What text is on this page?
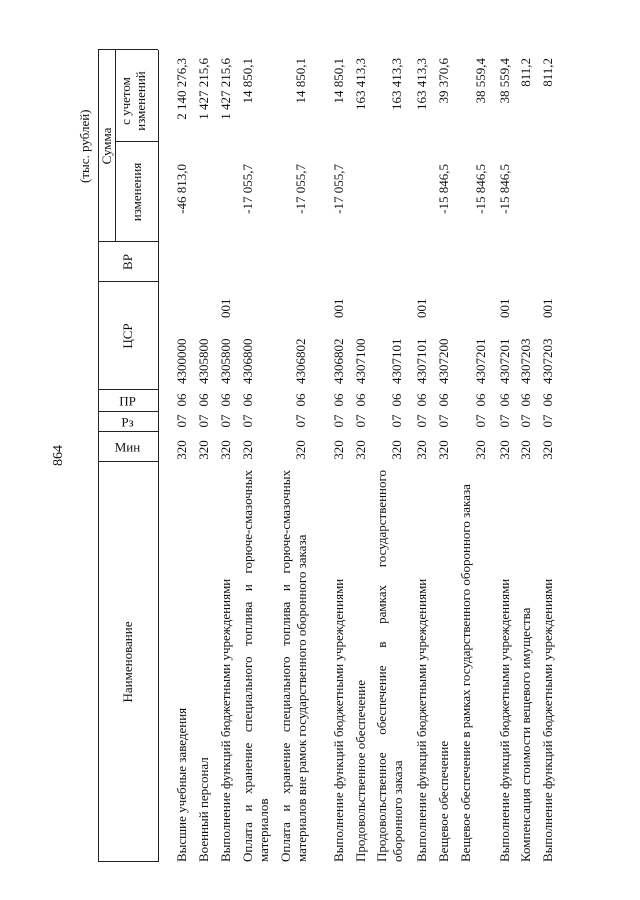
864
(тыс. рублей)
Наименование
Мин
Рз
ПР
ЦСР
ВР
Сумма
изменения
с учетом изменений
Высшие учебные заведения
320
07
06
4300000
-46 813,0
2 140 276,3
Военный персонал
320
07
06
4305800
1 427 215,6
Выполнение функций бюджетными учреждениями
320
07
06
4305800
001
1 427 215,6
Оплата и хранение специального топлива и горюче-смазочных материалов
320
07
06
4306800
-17 055,7
14 850,1
Оплата и хранение специального топлива и горюче-смазочных материалов вне рамок государственного оборонного заказа
320
07
06
4306802
-17 055,7
14 850,1
Выполнение функций бюджетными учреждениями
320
07
06
4306802
001
-17 055,7
14 850,1
Продовольственное обеспечение
320
07
06
4307100
163 413,3
Продовольственное обеспечение в рамках государственного оборонного заказа
320
07
06
4307101
163 413,3
Выполнение функций бюджетными учреждениями
320
07
06
4307101
001
163 413,3
Вещевое обеспечение
320
07
06
4307200
-15 846,5
39 370,6
Вещевое обеспечение в рамках государственного оборонного заказа
320
07
06
4307201
-15 846,5
38 559,4
Выполнение функций бюджетными учреждениями
320
07
06
4307201
001
-15 846,5
38 559,4
Компенсация стоимости вещевого имущества
320
07
06
4307203
811,2
Выполнение функций бюджетными учреждениями
320
07
06
4307203
001
811,2
